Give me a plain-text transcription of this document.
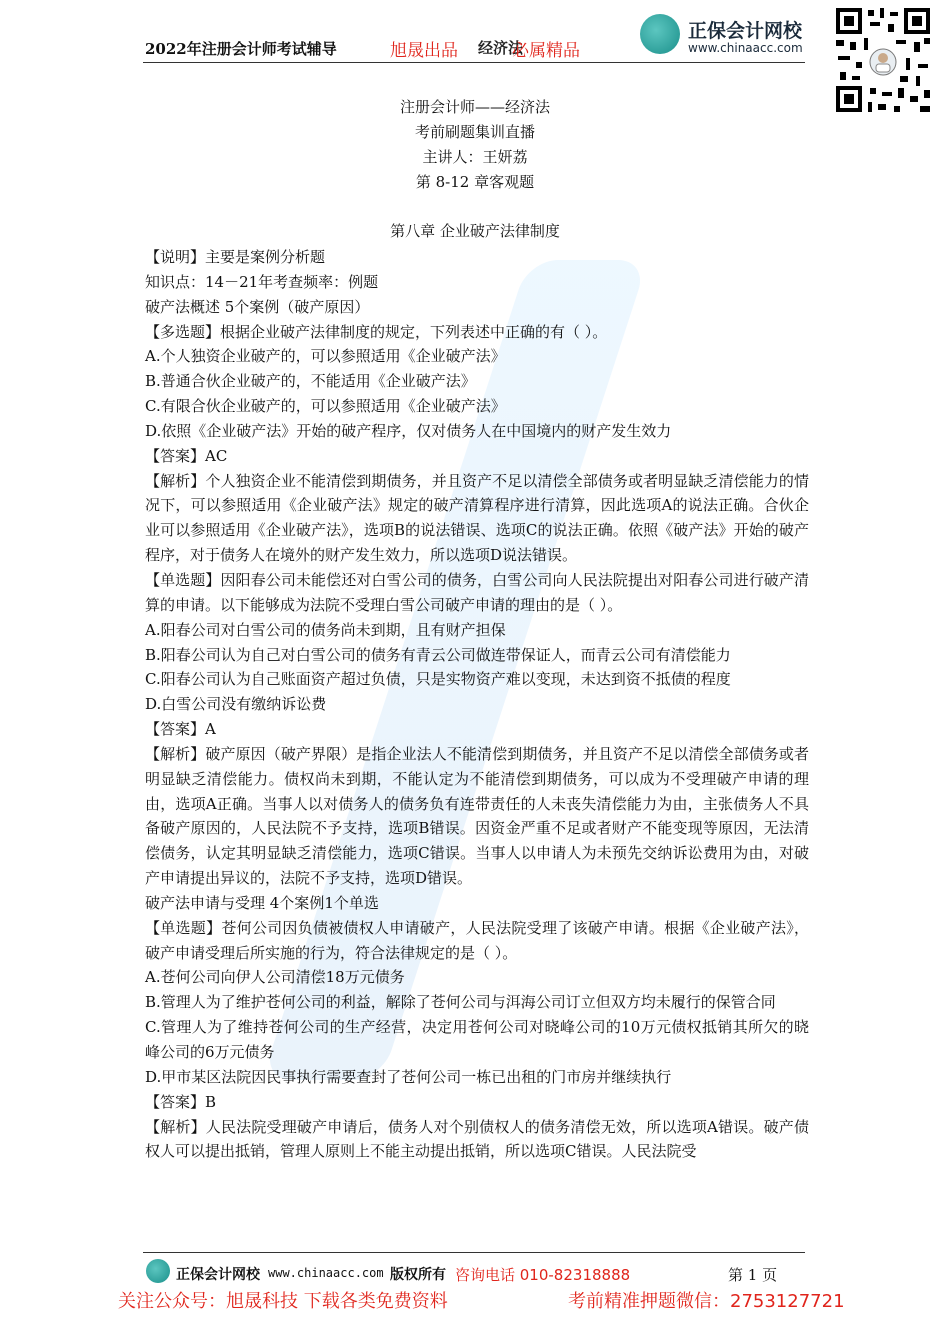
2022年注册会计师考试辅导	旭晟出品 经济法
必属精品
正保会计网校
www.chinaacc.com
注册会计师——经济法
考前刷题集训直播
主讲人：王妍荔
第 8-12 章客观题
第八章 企业破产法律制度

【说明】主要是案例分析题

知识点：14－21年考查频率：例题

破产法概述 5个案例（破产原因）

【多选题】根据企业破产法律制度的规定，下列表述中正确的有（ ）。

A.个人独资企业破产的，可以参照适用《企业破产法》

B.普通合伙企业破产的，不能适用《企业破产法》

C.有限合伙企业破产的，可以参照适用《企业破产法》

D.依照《企业破产法》开始的破产程序，仅对债务人在中国境内的财产发生效力

【答案】AC

【解析】个人独资企业不能清偿到期债务，并且资产不足以清偿全部债务或者明显缺乏清偿能力的情况下，可以参照适用《企业破产法》规定的破产清算程序进行清算，因此选项A的说法正确。合伙企业可以参照适用《企业破产法》，选项B的说法错误、选项C的说法正确。依照《破产法》开始的破产程序，对于债务人在境外的财产发生效力，所以选项D说法错误。

【单选题】因阳春公司未能偿还对白雪公司的债务，白雪公司向人民法院提出对阳春公司进行破产清算的申请。以下能够成为法院不受理白雪公司破产申请的理由的是（ ）。

A.阳春公司对白雪公司的债务尚未到期，且有财产担保

B.阳春公司认为自己对白雪公司的债务有青云公司做连带保证人，而青云公司有清偿能力

C.阳春公司认为自己账面资产超过负债，只是实物资产难以变现，未达到资不抵债的程度

D.白雪公司没有缴纳诉讼费

【答案】A

【解析】破产原因（破产界限）是指企业法人不能清偿到期债务，并且资产不足以清偿全部债务或者明显缺乏清偿能力。债权尚未到期，不能认定为不能清偿到期债务，可以成为不受理破产申请的理由，选项A正确。当事人以对债务人的债务负有连带责任的人未丧失清偿能力为由，主张债务人不具备破产原因的，人民法院不予支持，选项B错误。因资金严重不足或者财产不能变现等原因，无法清偿债务，认定其明显缺乏清偿能力，选项C错误。当事人以申请人为未预先交纳诉讼费用为由，对破产申请提出异议的，法院不予支持，选项D错误。

破产法申请与受理 4个案例1个单选

【单选题】苍何公司因负债被债权人申请破产，人民法院受理了该破产申请。根据《企业破产法》，破产申请受理后所实施的行为，符合法律规定的是（ ）。

A.苍何公司向伊人公司清偿18万元债务

B.管理人为了维护苍何公司的利益，解除了苍何公司与洱海公司订立但双方均未履行的保管合同

C.管理人为了维持苍何公司的生产经营，决定用苍何公司对晓峰公司的10万元债权抵销其所欠的晓峰公司的6万元债务

D.甲市某区法院因民事执行需要查封了苍何公司一栋已出租的门市房并继续执行

【答案】B

【解析】人民法院受理破产申请后，债务人对个别债权人的债务清偿无效，所以选项A错误。破产债权人可以提出抵销，管理人原则上不能主动提出抵销，所以选项C错误。人民法院受

正保会计网校 www.chinaacc.com 版权所有 咨询电话 010-82318888	第 1 页
关注公众号：旭晟科技 下载各类免费资料	考前精准押题微信：2753127721
